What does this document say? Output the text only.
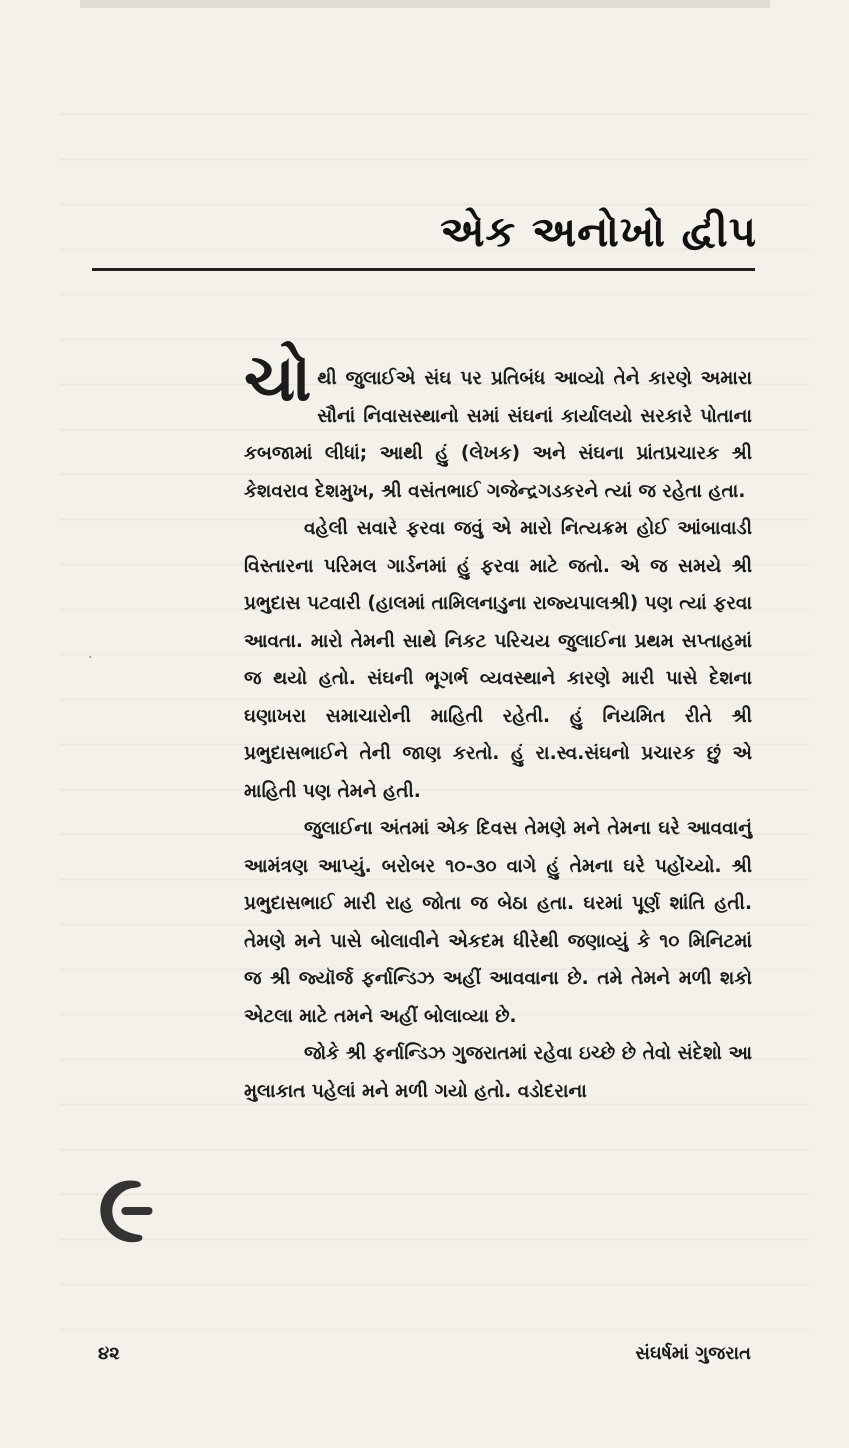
એક અનોખો દ્વીપ
·

ચોથી જુલાઈએ સંઘ પર પ્રતિબંધ આવ્યો તેને કારણે અમારા સૌનાં નિવાસસ્થાનો સમાં સંઘનાં કાર્યાલયો સરકારે પોતાના કબજામાં લીધાં; આથી હું (લેખક) અને સંઘના પ્રાંતપ્રચારક શ્રી કેશવરાવ દેશમુખ, શ્રી વસંતભાઈ ગજેન્દ્રગડકરને ત્યાં જ રહેતા હતા.

વહેલી સવારે ફરવા જવું એ મારો નિત્યક્રમ હોઈ આંબાવાડી વિસ્તારના પરિમલ ગાર્ડનમાં હું ફરવા માટે જતો. એ જ સમયે શ્રી પ્રભુદાસ પટવારી (હાલમાં તામિલનાડુના રાજ્યપાલશ્રી) પણ ત્યાં ફરવા આવતા. મારો તેમની સાથે નિકટ પરિચય જુલાઈના પ્રથમ સપ્તાહમાં જ થયો હતો. સંઘની ભૂગર્ભ વ્યવસ્થાને કારણે મારી પાસે દેશના ઘણાખરા સમાચારોની માહિતી રહેતી. હું નિયમિત રીતે શ્રી પ્રભુદાસભાઈને તેની જાણ કરતો. હું રા.સ્વ.સંઘનો પ્રચારક છું એ માહિતી પણ તેમને હતી.

જુલાઈના અંતમાં એક દિવસ તેમણે મને તેમના ઘરે આવવાનું આમંત્રણ આપ્યું. બરોબર ૧૦-૩૦ વાગે હું તેમના ઘરે પહોંચ્યો. શ્રી પ્રભુદાસભાઈ મારી રાહ જોતા જ બેઠા હતા. ઘરમાં પૂર્ણ શાંતિ હતી. તેમણે મને પાસે બોલાવીને એકદમ ધીરેથી જણાવ્યું કે ૧૦ મિનિટમાં જ શ્રી જ્યૉર્જ ફર્નાન્ડિઝ અહીં આવવાના છે. તમે તેમને મળી શકો એટલા માટે તમને અહીં બોલાવ્યા છે.

જોકે શ્રી ફર્નાન્ડિઝ ગુજરાતમાં રહેવા ઇચ્છે છે તેવો સંદેશો આ મુલાકાત પહેલાં મને મળી ગયો હતો. વડોદરાના

૯
૪૨	સંઘર્ષમાં ગુજરાત
